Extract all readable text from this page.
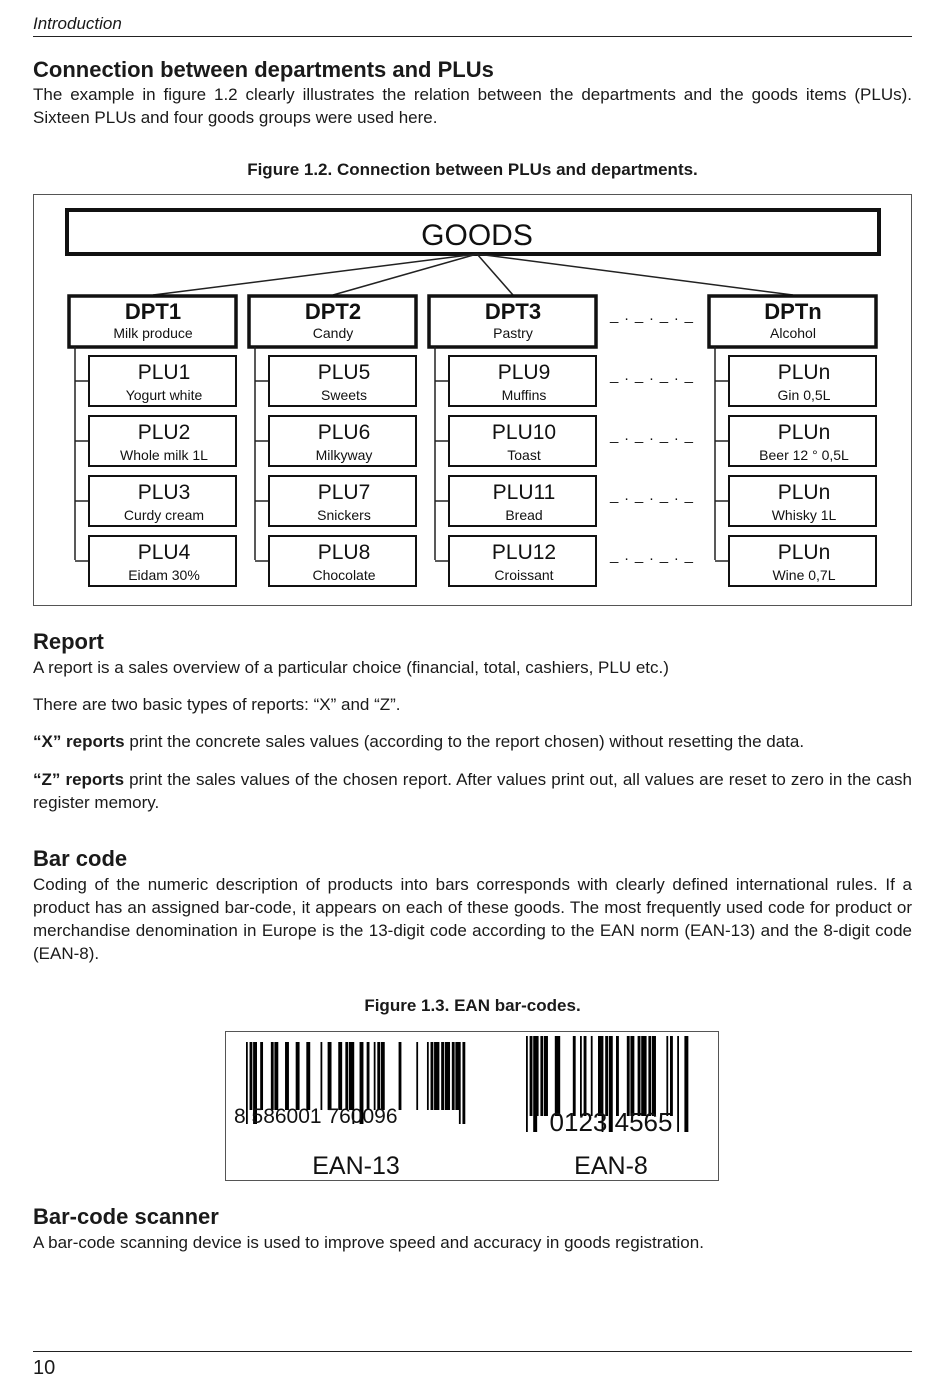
Introduction
Connection between departments and PLUs
The example in figure 1.2 clearly illustrates the relation between the departments and the goods items (PLUs). Sixteen PLUs and four goods groups were used here.
Figure 1.2. Connection between PLUs and departments.
GOODS
DPT1
Milk produce
PLU1
Yogurt white
PLU2
Whole milk 1L
PLU3
Curdy cream
PLU4
Eidam 30%
DPT2
Candy
PLU5
Sweets
PLU6
Milkyway
PLU7
Snickers
PLU8
Chocolate
DPT3
Pastry
PLU9
Muffins
PLU10
Toast
PLU11
Bread
PLU12
Croissant
DPTn
Alcohol
PLUn
Gin 0,5L
PLUn
Beer 12 ° 0,5L
PLUn
Whisky 1L
PLUn
Wine 0,7L
_ . _ . _ . _
_ . _ . _ . _
_ . _ . _ . _
_ . _ . _ . _
_ . _ . _ . _
Report
A report is a sales overview of a particular choice (financial, total, cashiers, PLU etc.)
There are two basic types of reports: “X” and “Z”.
“X” reports print the concrete sales values (according to the report chosen) without resetting the data.
“Z” reports print the sales values of the chosen report. After values print out, all values are reset to zero in the cash register memory.
Bar code
Coding of the numeric description of products into bars corresponds with clearly defined international rules. If a product has an assigned bar-code, it appears on each of these goods. The most frequently used code for product or merchandise denomination in Europe is the 13-digit code according to the EAN norm (EAN-13) and the 8-digit code (EAN-8).
Figure 1.3. EAN bar-codes.
8 586001 760096
EAN-13
0123 4565
EAN-8
Bar-code scanner
A bar-code scanning device is used to improve speed and accuracy in goods registration.
10
